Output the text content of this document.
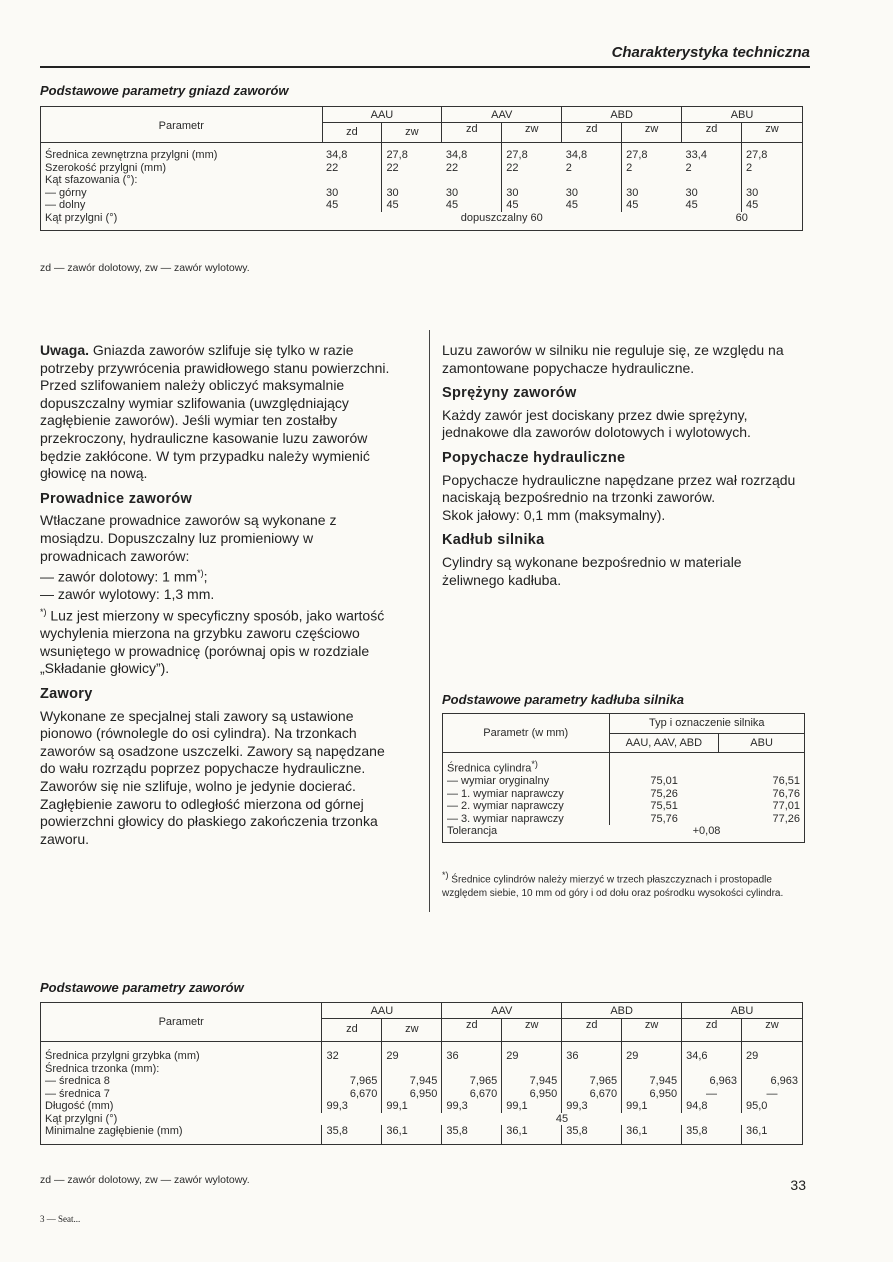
Charakterystyka techniczna
Podstawowe parametry gniazd zaworów
Parametr	AAU		AAV		ABD		ABU	
	zd	zw	zd	zw	zd	zw	zd	zw
Średnica zewnętrzna przylgni (mm)	34,8	27,8	34,8	27,8	34,8	27,8	33,4	27,8
Szerokość przylgni (mm)	22	22	22	22	2	2	2	2
Kąt sfazowania (°):								
— górny	30	30	30	30	30	30	30	30
— dolny	45	45	45	45	45	45	45	45
Kąt przylgni (°)	dopuszczalny 60						60	
zd — zawór dolotowy, zw — zawór wylotowy.

Uwaga. Gniazda zaworów szlifuje się tylko w razie potrzeby przywrócenia prawidłowego stanu powierzchni. Przed szlifowaniem należy obliczyć maksymalnie dopuszczalny wymiar szlifowania (uwzględniający zagłębienie zaworów). Jeśli wymiar ten zostałby przekroczony, hydrauliczne kasowanie luzu zaworów będzie zakłócone. W tym przypadku należy wymienić głowicę na nową.

Prowadnice zaworów

Wtłaczane prowadnice zaworów są wykonane z mosiądzu. Dopuszczalny luz promieniowy w prowadnicach zaworów:

— zawór dolotowy: 1 mm*);

— zawór wylotowy: 1,3 mm.

*) Luz jest mierzony w specyficzny sposób, jako wartość wychylenia mierzona na grzybku zaworu częściowo wsuniętego w prowadnicę (porównaj opis w rozdziale „Składanie głowicy”).

Zawory

Wykonane ze specjalnej stali zawory są ustawione pionowo (równolegle do osi cylindra). Na trzonkach zaworów są osadzone uszczelki. Zawory są napędzane do wału rozrządu poprzez popychacze hydrauliczne.

Zaworów się nie szlifuje, wolno je jedynie docierać. Zagłębienie zaworu to odległość mierzona od górnej powierzchni głowicy do płaskiego zakończenia trzonka zaworu.

Luzu zaworów w silniku nie reguluje się, ze względu na zamontowane popychacze hydrauliczne.

Sprężyny zaworów

Każdy zawór jest dociskany przez dwie sprężyny, jednakowe dla zaworów dolotowych i wylotowych.

Popychacze hydrauliczne

Popychacze hydrauliczne napędzane przez wał rozrządu naciskają bezpośrednio na trzonki zaworów.

Skok jałowy: 0,1 mm (maksymalny).

Kadłub silnika

Cylindry są wykonane bezpośrednio w materiale żeliwnego kadłuba.

Podstawowe parametry kadłuba silnika
Parametr (w mm)	Typ i oznaczenie silnika	
	AAU, AAV, ABD	ABU
Średnica cylindra*)		
— wymiar oryginalny	75,01	76,51
— 1. wymiar naprawczy	75,26	76,76
— 2. wymiar naprawczy	75,51	77,01
— 3. wymiar naprawczy	75,76	77,26
Tolerancja	+0,08	
*) Średnice cylindrów należy mierzyć w trzech płaszczyznach i prostopadle względem siebie, 10 mm od góry i od dołu oraz pośrodku wysokości cylindra.
Podstawowe parametry zaworów
Parametr	AAU		AAV		ABD		ABU	
	zd	zw	zd	zw	zd	zw	zd	zw
Średnica przylgni grzybka (mm)	32	29	36	29	36	29	34,6	29
Średnica trzonka (mm):								
— średnica 8	7,965	7,945	7,965	7,945	7,965	7,945	6,963	6,963
— średnica 7	6,670	6,950	6,670	6,950	6,670	6,950	—	—
Długość (mm)	99,3	99,1	99,3	99,1	99,3	99,1	94,8	95,0
Kąt przylgni (°)	45							
Minimalne zagłębienie (mm)	35,8	36,1	35,8	36,1	35,8	36,1	35,8	36,1
zd — zawór dolotowy, zw — zawór wylotowy.
3 — Seat...
33
